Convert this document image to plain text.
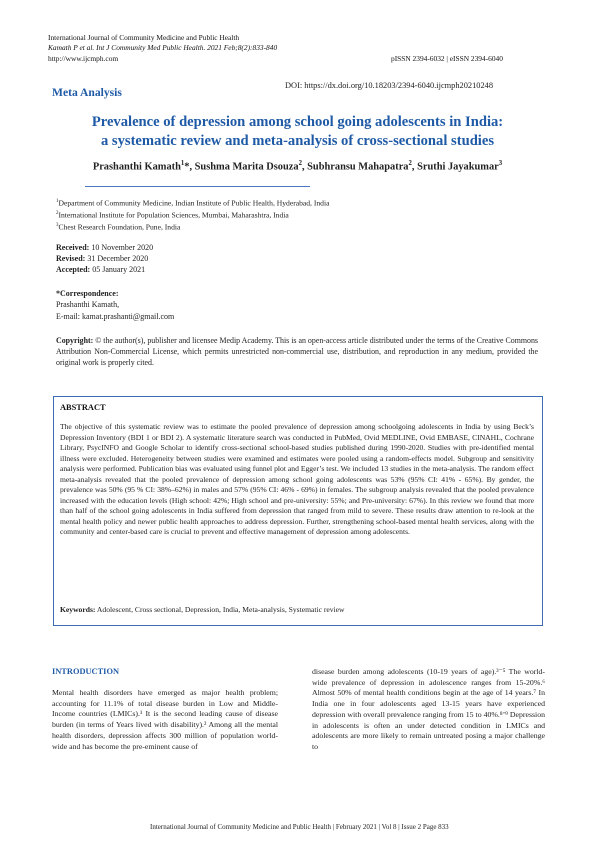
International Journal of Community Medicine and Public Health
Kamath P et al. Int J Community Med Public Health. 2021 Feb;8(2):833-840
http://www.ijcmph.com	pISSN 2394-6032 | eISSN 2394-6040
Meta Analysis
DOI: https://dx.doi.org/10.18203/2394-6040.ijcmph20210248
Prevalence of depression among school going adolescents in India:
a systematic review and meta-analysis of cross-sectional studies
Prashanthi Kamath$^1$*, Sushma Marita Dsouza$^2$, Subhransu Mahapatra$^2$, Sruthi Jayakumar$^3$
$^1$Department of Community Medicine, Indian Institute of Public Health, Hyderabad, India
$^2$International Institute for Population Sciences, Mumbai, Maharashtra, India
$^3$Chest Research Foundation, Pune, India
Received: 10 November 2020
Revised: 31 December 2020
Accepted: 05 January 2021
*Correspondence:
Prashanthi Kamath,
E-mail: kamat.prashanti@gmail.com
Copyright: © the author(s), publisher and licensee Medip Academy. This is an open-access article distributed under the terms of the Creative Commons Attribution Non-Commercial License, which permits unrestricted non-commercial use, distribution, and reproduction in any medium, provided the original work is properly cited.
ABSTRACT
The objective of this systematic review was to estimate the pooled prevalence of depression among schoolgoing adolescents in India by using Beck’s Depression Inventory (BDI 1 or BDI 2). A systematic literature search was conducted in PubMed, Ovid MEDLINE, Ovid EMBASE, CINAHL, Cochrane Library, PsycINFO and Google Scholar to identify cross-sectional school-based studies published during 1990-2020. Studies with pre-identified mental illness were excluded. Heterogeneity between studies were examined and estimates were pooled using a random-effects model. Subgroup and sensitivity analysis were performed. Publication bias was evaluated using funnel plot and Egger’s test. We included 13 studies in the meta-analysis. The random effect meta-analysis revealed that the pooled prevalence of depression among school going adolescents was 53% (95% CI: 41% - 65%). By gender, the prevalence was 50% (95 % CI: 38%–62%) in males and 57% (95% CI: 46% - 69%) in females. The subgroup analysis revealed that the pooled prevalence increased with the education levels (High school: 42%; High school and pre-university: 55%; and Pre-university: 67%). In this review we found that more than half of the school going adolescents in India suffered from depression that ranged from mild to severe. These results draw attention to re-look at the mental health policy and newer public health approaches to address depression. Further, strengthening school-based mental health services, along with the community and center-based care is crucial to prevent and effective management of depression among adolescents.
Keywords: Adolescent, Cross sectional, Depression, India, Meta-analysis, Systematic review
INTRODUCTION
Mental health disorders have emerged as major health problem; accounting for 11.1% of total disease burden in Low and Middle-Income countries (LMICs).¹ It is the second leading cause of disease burden (in terms of Years lived with disability).² Among all the mental health disorders, depression affects 300 million of population world-wide and has become the pre-eminent cause of
disease burden among adolescents (10-19 years of age).³⁻⁵ The world-wide prevalence of depression in adolescence ranges from 15-20%.⁶ Almost 50% of mental health conditions begin at the age of 14 years.⁷ In India one in four adolescents aged 13-15 years have experienced depression with overall prevalence ranging from 15 to 40%.⁸ʼ⁹ Depression in adolescents is often an under detected condition in LMICs and adolescents are more likely to remain untreated posing a major challenge to
International Journal of Community Medicine and Public Health | February 2021 | Vol 8 | Issue 2 Page 833
